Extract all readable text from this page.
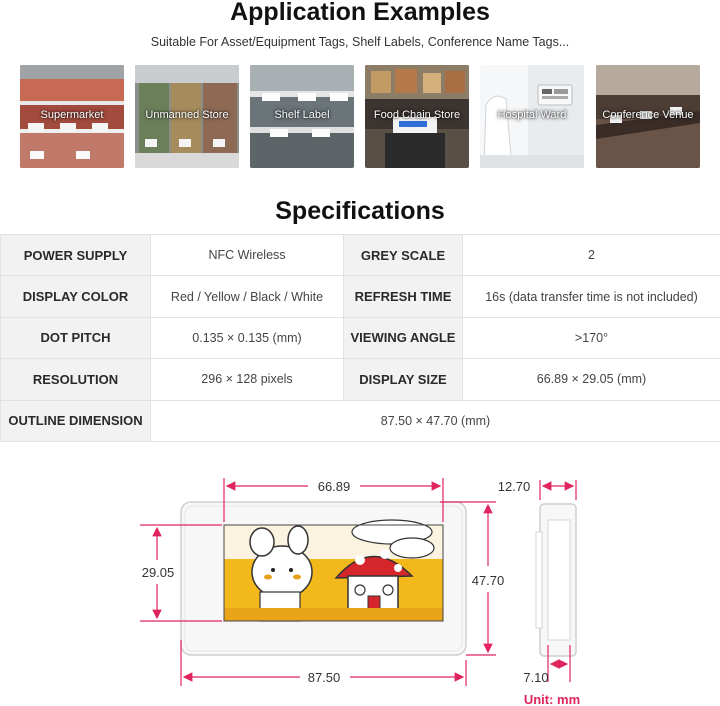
Application Examples
Suitable For Asset/Equipment Tags, Shelf Labels, Conference Name Tags...
Supermarket	Unmanned Store	Shelf Label	Food Chain Store	Hospital Ward	Conference Venue
Specifications
POWER SUPPLY	NFC Wireless	GREY SCALE	2
DISPLAY COLOR	Red / Yellow / Black / White	REFRESH TIME	16s (data transfer time is not included)
DOT PITCH	0.135 × 0.135 (mm)	VIEWING ANGLE	>170°
RESOLUTION	296 × 128 pixels	DISPLAY SIZE	66.89 × 29.05 (mm)
OUTLINE DIMENSION	87.50 × 47.70 (mm)		
66.89
29.05
47.70
87.50
12.70
7.10
Unit: mm
